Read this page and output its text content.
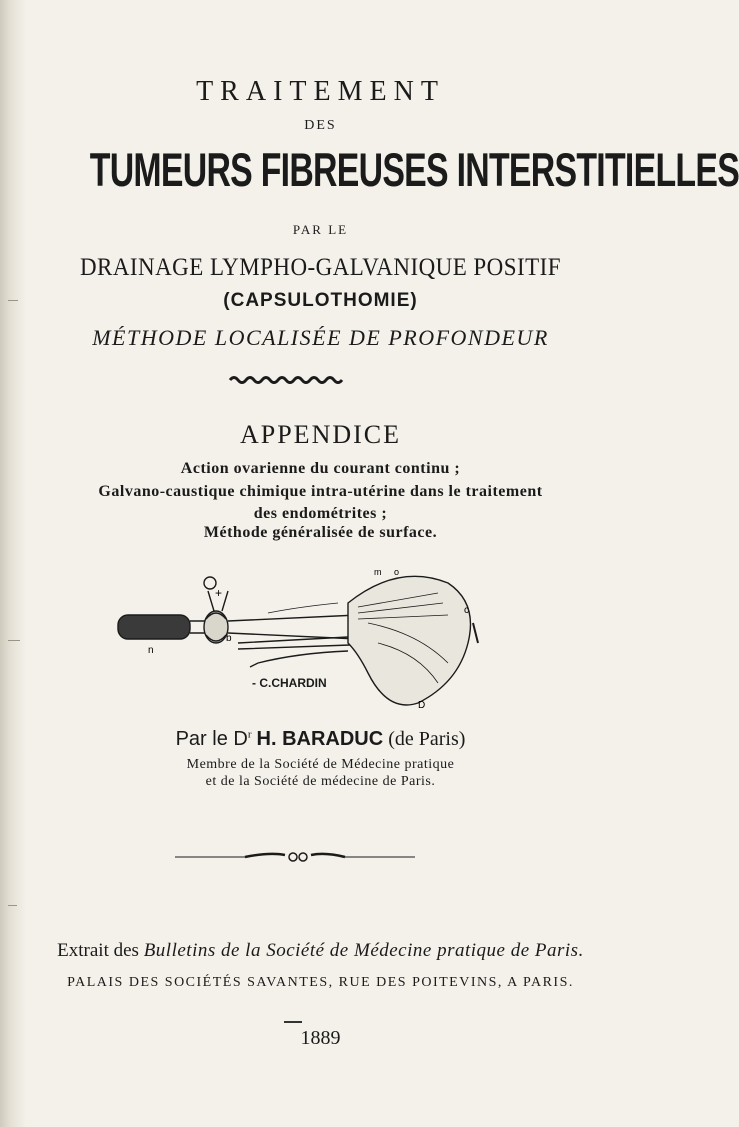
TRAITEMENT
DES
TUMEURS FIBREUSES INTERSTITIELLES
PAR LE
DRAINAGE LYMPHO-GALVANIQUE POSITIF
(CAPSULOTHOMIE)
MÉTHODE LOCALISÉE DE PROFONDEUR
APPENDICE
Action ovarienne du courant continu ;
Galvano-caustique chimique intra-utérine dans le traitement
des endométrites ;
Méthode généralisée de surface.
+
n
m o
c
b
D
- C.CHARDIN
Par le $D^r$ H. BARADUC (de Paris)
Membre de la Société de Médecine pratique
et de la Société de médecine de Paris.
Extrait des Bulletins de la Société de Médecine pratique de Paris.
PALAIS DES SOCIÉTÉS SAVANTES, RUE DES POITEVINS, A PARIS.
1889
